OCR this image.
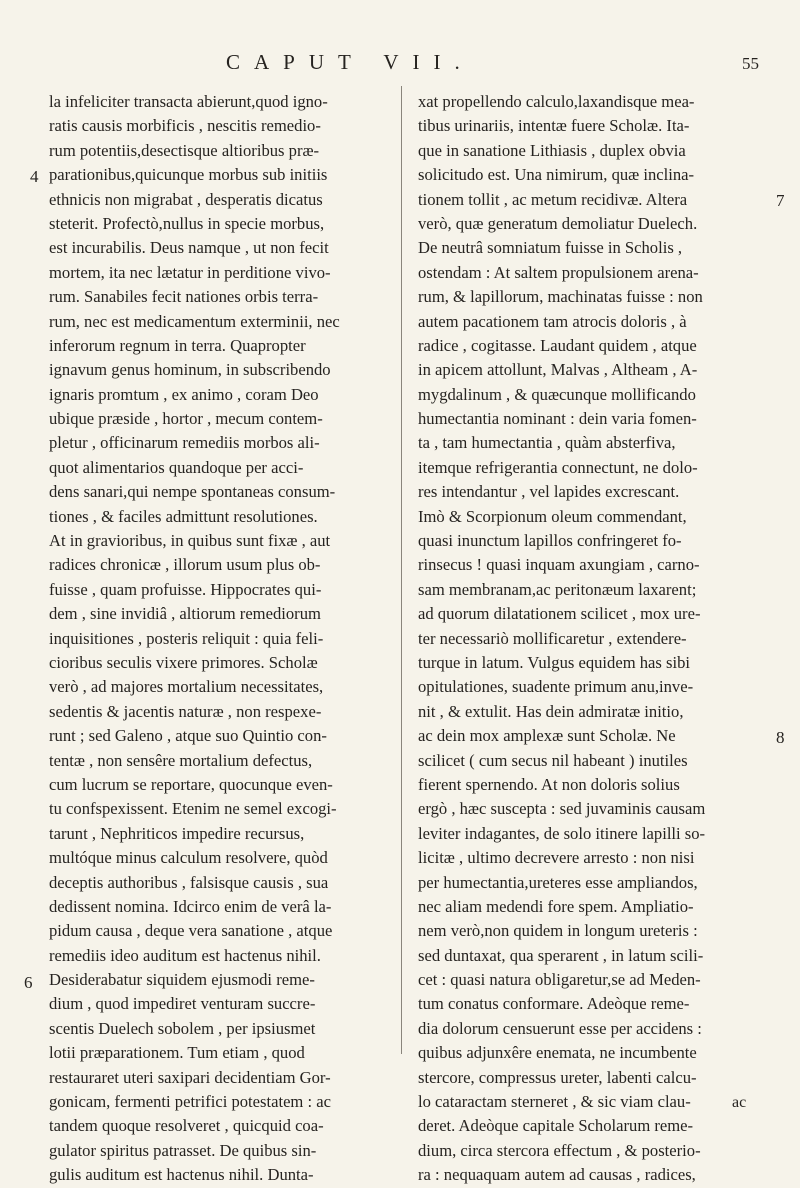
CAPUT VII.	55
la infeliciter transacta abierunt,quod igno-
ratis causis morbificis , nescitis remedio-
rum potentiis,desectisque altioribus præ-
parationibus,quicunque morbus sub initiis
ethnicis non migrabat , desperatis dicatus
steterit. Profectò,nullus in specie morbus,
est incurabilis. Deus namque , ut non fecit
mortem, ita nec lætatur in perditione vivo-
rum. Sanabiles fecit nationes orbis terra-
rum, nec est medicamentum exterminii, nec
inferorum regnum in terra. Quapropter
ignavum genus hominum, in subscribendo
ignaris promtum , ex animo , coram Deo
ubique præside , hortor , mecum contem-
pletur , officinarum remediis morbos ali-
quot alimentarios quandoque per acci-
dens sanari,qui nempe spontaneas consum-
tiones , & faciles admittunt resolutiones.
At in gravioribus, in quibus sunt fixæ , aut
radices chronicæ , illorum usum plus ob-
fuisse , quam profuisse. Hippocrates qui-
dem , sine invidiâ , altiorum remediorum
inquisitiones , posteris reliquit : quia feli-
cioribus seculis vixere primores. Scholæ
verò , ad majores mortalium necessitates,
sedentis & jacentis naturæ , non respexe-
runt ; sed Galeno , atque suo Quintio con-
tentæ , non sensêre mortalium defectus,
cum lucrum se reportare, quocunque even-
tu confspexissent. Etenim ne semel excogi-
tarunt , Nephriticos impedire recursus,
multóque minus calculum resolvere, quòd
deceptis authoribus , falsisque causis , sua
dedissent nomina. Idcirco enim de verâ la-
pidum causa , deque vera sanatione , atque
remediis ideo auditum est hactenus nihil.
Desiderabatur siquidem ejusmodi reme-
dium , quod impediret venturam succre-
scentis Duelech sobolem , per ipsiusmet
lotii præparationem. Tum etiam , quod
restauraret uteri saxipari decidentiam Gor-
gonicam, fermenti petrifici potestatem : ac
tandem quoque resolveret , quicquid coa-
gulator spiritus patrasset. De quibus sin-
gulis auditum est hactenus nihil. Dunta-
xat propellendo calculo,laxandisque mea-
tibus urinariis, intentæ fuere Scholæ. Ita-
que in sanatione Lithiasis , duplex obvia
solicitudo est. Una nimirum, quæ inclina-
tionem tollit , ac metum recidivæ. Altera
verò, quæ generatum demoliatur Duelech.
De neutrâ somniatum fuisse in Scholis ,
ostendam : At saltem propulsionem arena-
rum, & lapillorum, machinatas fuisse : non
autem pacationem tam atrocis doloris , à
radice , cogitasse. Laudant quidem , atque
in apicem attollunt, Malvas , Altheam , A-
mygdalinum , & quæcunque mollificando
humectantia nominant : dein varia fomen-
ta , tam humectantia , quàm absterfiva,
itemque refrigerantia connectunt, ne dolo-
res intendantur , vel lapides excrescant.
Imò & Scorpionum oleum commendant,
quasi inunctum lapillos confringeret fo-
rinsecus ! quasi inquam axungiam , carno-
sam membranam,ac peritonæum laxarent;
ad quorum dilatationem scilicet , mox ure-
ter necessariò mollificaretur , extendere-
turque in latum. Vulgus equidem has sibi
opitulationes, suadente primum anu,inve-
nit , & extulit. Has dein admiratæ initio,
ac dein mox amplexæ sunt Scholæ. Ne
scilicet ( cum secus nil habeant ) inutiles
fierent spernendo. At non doloris solius
ergò , hæc suscepta : sed juvaminis causam
leviter indagantes, de solo itinere lapilli so-
licitæ , ultimo decrevere arresto : non nisi
per humectantia,ureteres esse ampliandos,
nec aliam medendi fore spem. Ampliatio-
nem verò,non quidem in longum ureteris :
sed duntaxat, qua sperarent , in latum scili-
cet : quasi natura obligaretur,se ad Meden-
tum conatus conformare. Adeòque reme-
dia dolorum censuerunt esse per accidens :
quibus adjunxêre enemata, ne incumbente
stercore, compressus ureter, labenti calcu-
lo cataractam sterneret , & sic viam clau-
deret. Adeòque capitale Scholarum reme-
dium, circa stercora effectum , & posterio-
ra : nequaquam autem ad causas , radices,
4
6
7
8
ac
